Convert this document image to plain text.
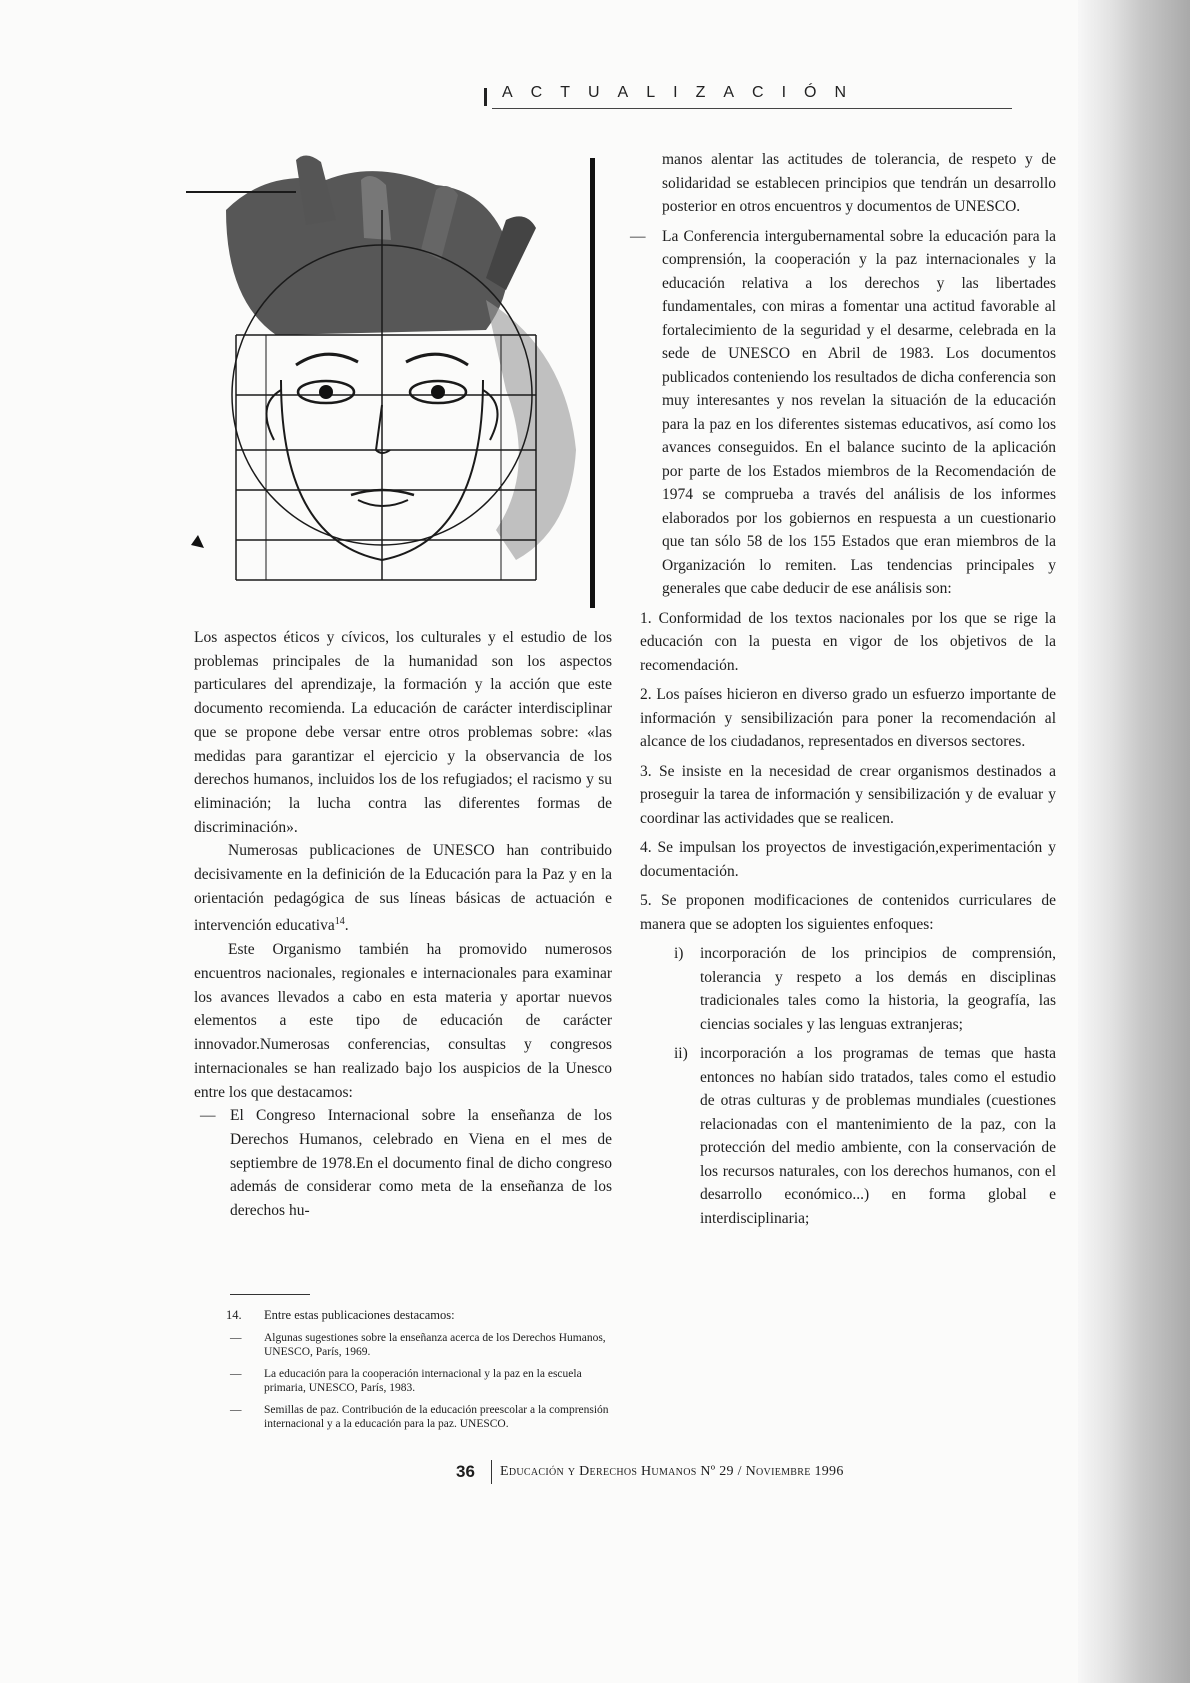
ACTUALIZACIÓN

Los aspectos éticos y cívicos, los culturales y el estudio de los problemas principales de la humanidad son los aspectos particulares del aprendizaje, la formación y la acción que este documento recomienda. La educación de carácter interdisciplinar que se propone debe versar entre otros problemas sobre: «las medidas para garantizar el ejercicio y la observancia de los derechos humanos, incluidos los de los refugiados; el racismo y su eliminación; la lucha contra las diferentes formas de discriminación».

Numerosas publicaciones de UNESCO han contribuido decisivamente en la definición de la Educación para la Paz y en la orientación pedagógica de sus líneas básicas de actuación e intervención educativa$^{14}$.

Este Organismo también ha promovido numerosos encuentros nacionales, regionales e internacionales para examinar los avances llevados a cabo en esta materia y aportar nuevos elementos a este tipo de educación de carácter innovador.Numerosas conferencias, consultas y congresos internacionales se han realizado bajo los auspicios de la Unesco entre los que destacamos:

— El Congreso Internacional sobre la enseñanza de los Derechos Humanos, celebrado en Viena en el mes de septiembre de 1978.En el documento final de dicho congreso además de considerar como meta de la enseñanza de los derechos hu-

14. Entre estas publicaciones destacamos:
— Algunas sugestiones sobre la enseñanza acerca de los Derechos Humanos, UNESCO, París, 1969.
— La educación para la cooperación internacional y la paz en la escuela primaria, UNESCO, París, 1983.
— Semillas de paz. Contribución de la educación preescolar a la comprensión internacional y a la educación para la paz. UNESCO.

manos alentar las actitudes de tolerancia, de respeto y de solidaridad se establecen principios que tendrán un desarrollo posterior en otros encuentros y documentos de UNESCO.

— La Conferencia intergubernamental sobre la educación para la comprensión, la cooperación y la paz internacionales y la educación relativa a los derechos y las libertades fundamentales, con miras a fomentar una actitud favorable al fortalecimiento de la seguridad y el desarme, celebrada en la sede de UNESCO en Abril de 1983. Los documentos publicados conteniendo los resultados de dicha conferencia son muy interesantes y nos revelan la situación de la educación para la paz en los diferentes sistemas educativos, así como los avances conseguidos. En el balance sucinto de la aplicación por parte de los Estados miembros de la Recomendación de 1974 se comprueba a través del análisis de los informes elaborados por los gobiernos en respuesta a un cuestionario que tan sólo 58 de los 155 Estados que eran miembros de la Organización lo remiten. Las tendencias principales y generales que cabe deducir de ese análisis son:

1. Conformidad de los textos nacionales por los que se rige la educación con la puesta en vigor de los objetivos de la recomendación.

2. Los países hicieron en diverso grado un esfuerzo importante de información y sensibilización para poner la recomendación al alcance de los ciudadanos, representados en diversos sectores.

3. Se insiste en la necesidad de crear organismos destinados a proseguir la tarea de información y sensibilización y de evaluar y coordinar las actividades que se realicen.

4. Se impulsan los proyectos de investigación,experimentación y documentación.

5. Se proponen modificaciones de contenidos curriculares de manera que se adopten los siguientes enfoques:

i) incorporación de los principios de comprensión, tolerancia y respeto a los demás en disciplinas tradicionales tales como la historia, la geografía, las ciencias sociales y las lenguas extranjeras;

ii) incorporación a los programas de temas que hasta entonces no habían sido tratados, tales como el estudio de otras culturas y de problemas mundiales (cuestiones relacionadas con el mantenimiento de la paz, con la protección del medio ambiente, con la conservación de los recursos naturales, con los derechos humanos, con el desarrollo económico...) en forma global e interdisciplinaria;

36 Educación y Derechos Humanos Nº 29 / Noviembre 1996
